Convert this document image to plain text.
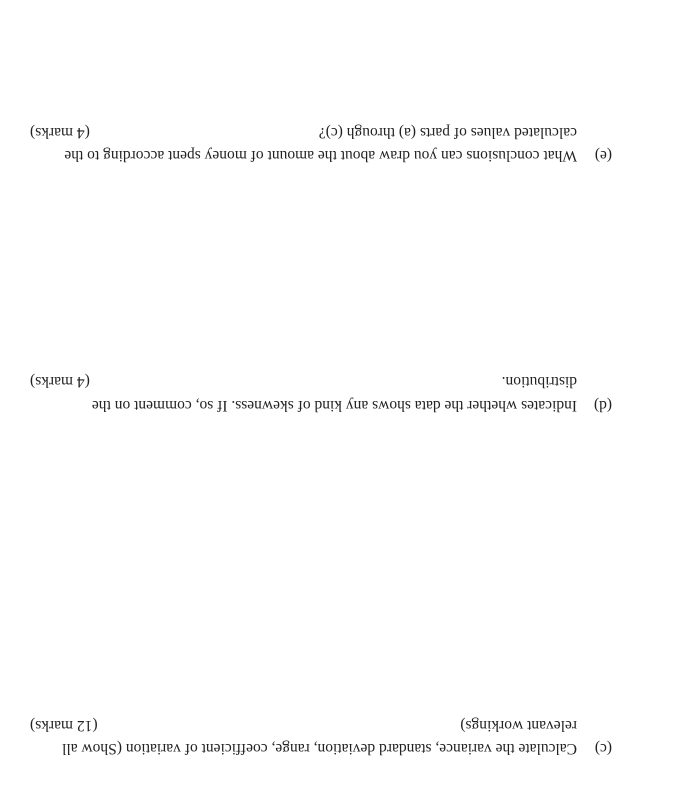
(c)
Calculate the variance, standard deviation, range, coefficient of variation (Show all
relevant workings)
(12 marks)
(d)
Indicates whether the data shows any kind of skewness. If so, comment on the
distribution.
(4 marks)
(e)
What conclusions can you draw about the amount of money spent according to the
calculated values of parts (a) through (c)?
(4 marks)
